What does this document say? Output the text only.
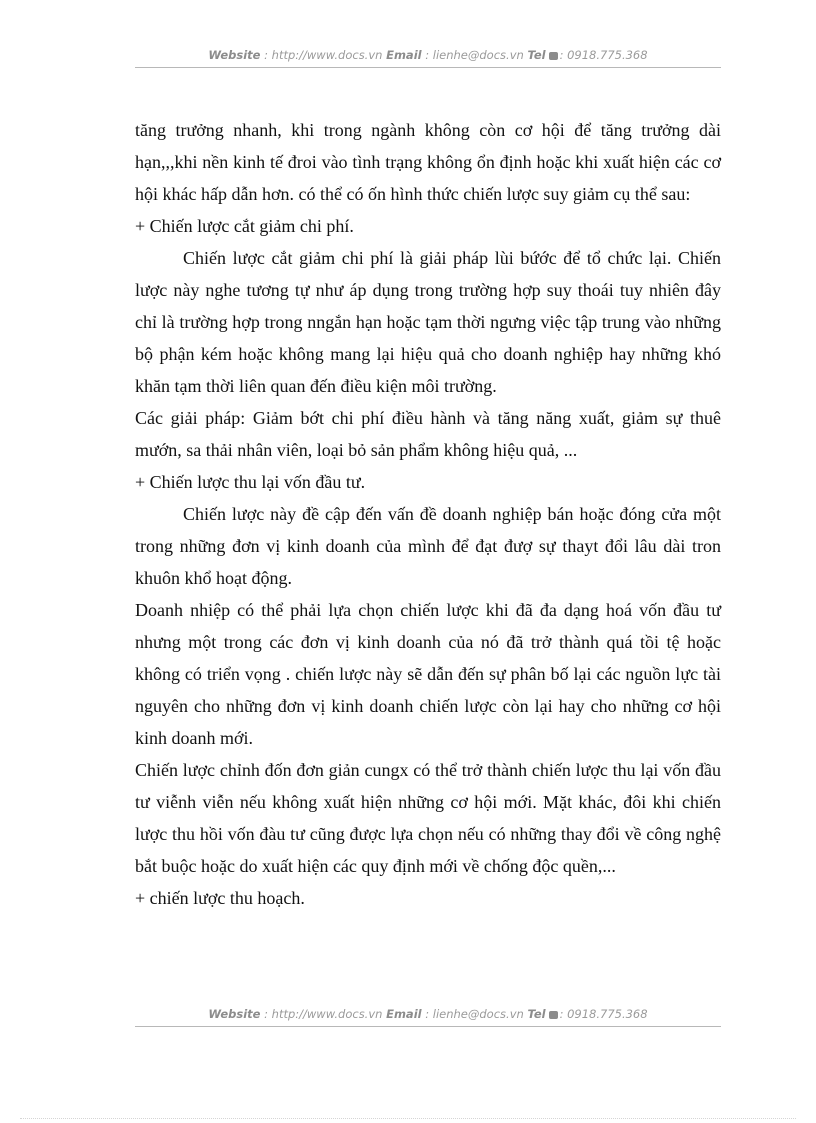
Website : http://www.docs.vn Email : lienhe@docs.vn Tel : 0918.775.368

tăng trưởng nhanh, khi trong ngành không còn cơ hội để tăng trưởng dài hạn,,,khi nền kinh tế đroi vào tình trạng không ổn định hoặc khi xuất hiện các cơ hội khác hấp dẫn hơn. có thể có ốn hình thức chiến lược suy giảm cụ thể sau:

+ Chiến lược cắt giảm chi phí.

Chiến lược cắt giảm chi phí là giải pháp lùi bứớc để tổ chức lại. Chiến lược này nghe tương tự như áp dụng trong trường hợp suy thoái tuy nhiên đây chỉ là trường hợp trong nngắn hạn hoặc tạm thời ngưng việc tập trung vào những bộ phận kém hoặc không mang lại hiệu quả cho doanh nghiệp hay những khó khăn tạm thời liên quan đến điều kiện môi trường.

Các giải pháp: Giảm bớt chi phí điều hành và tăng năng xuất, giảm sự thuê mướn, sa thải nhân viên, loại bỏ sản phẩm không hiệu quả, ...

+ Chiến lược thu lại vốn đầu tư.

Chiến lược này đề cập đến vấn đề doanh nghiệp bán hoặc đóng cửa một trong những đơn vị kinh doanh của mình để đạt đượ sự thayt đổi lâu dài tron khuôn khổ hoạt động.

Doanh nhiệp có thể phải lựa chọn chiến lược khi đã đa dạng hoá vốn đầu tư nhưng một trong các đơn vị kinh doanh của nó đã trở thành quá tồi tệ hoặc không có triển vọng . chiến lược này sẽ dẫn đến sự phân bố lại các nguồn lực tài nguyên cho những đơn vị kinh doanh chiến lược còn lại hay cho những cơ hội kinh doanh mới.

Chiến lược chỉnh đốn đơn giản cungx có thể trở thành chiến lược thu lại vốn đầu tư viễnh viễn nếu không xuất hiện những cơ hội mới. Mặt khác, đôi khi chiến lược thu hồi vốn đàu tư cũng được lựa chọn nếu có những thay đổi về công nghệ bắt buộc hoặc do xuất hiện các quy định mới về chống độc quền,...

+ chiến lược thu hoạch.

Website : http://www.docs.vn Email : lienhe@docs.vn Tel : 0918.775.368
